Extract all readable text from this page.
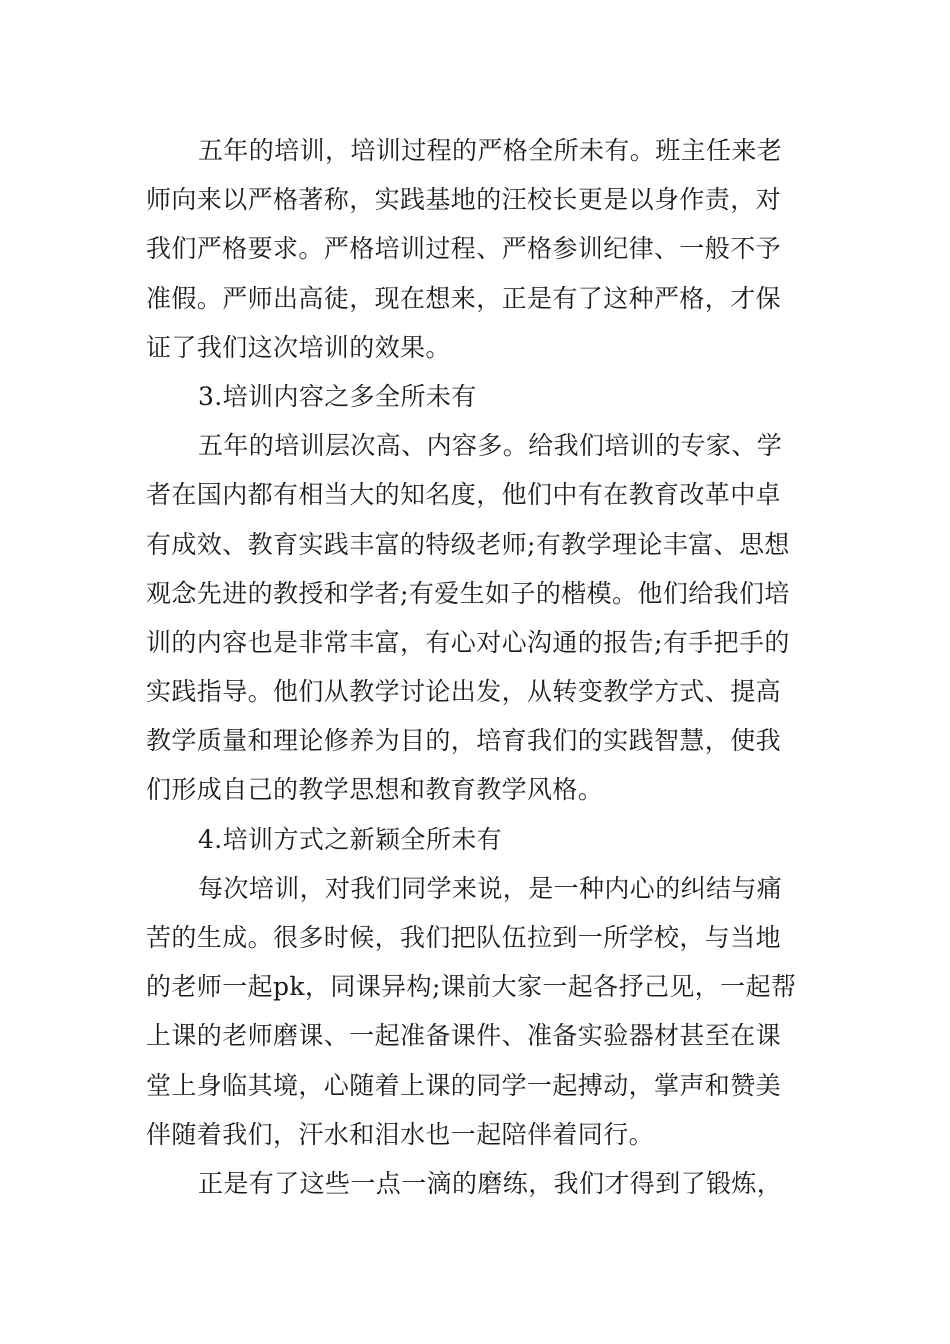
五年的培训，培训过程的严格全所未有。班主任来老
师向来以严格著称，实践基地的汪校长更是以身作责，对
我们严格要求。严格培训过程、严格参训纪律、一般不予
准假。严师出高徒，现在想来，正是有了这种严格，才保
证了我们这次培训的效果。
3.培训内容之多全所未有
五年的培训层次高、内容多。给我们培训的专家、学
者在国内都有相当大的知名度，他们中有在教育改革中卓
有成效、教育实践丰富的特级老师;有教学理论丰富、思想
观念先进的教授和学者;有爱生如子的楷模。他们给我们培
训的内容也是非常丰富，有心对心沟通的报告;有手把手的
实践指导。他们从教学讨论出发，从转变教学方式、提高
教学质量和理论修养为目的，培育我们的实践智慧，使我
们形成自己的教学思想和教育教学风格。
4.培训方式之新颖全所未有
每次培训，对我们同学来说，是一种内心的纠结与痛
苦的生成。很多时候，我们把队伍拉到一所学校，与当地
的老师一起pk，同课异构;课前大家一起各抒己见，一起帮
上课的老师磨课、一起准备课件、准备实验器材甚至在课
堂上身临其境，心随着上课的同学一起搏动，掌声和赞美
伴随着我们，汗水和泪水也一起陪伴着同行。
正是有了这些一点一滴的磨练，我们才得到了锻炼，
